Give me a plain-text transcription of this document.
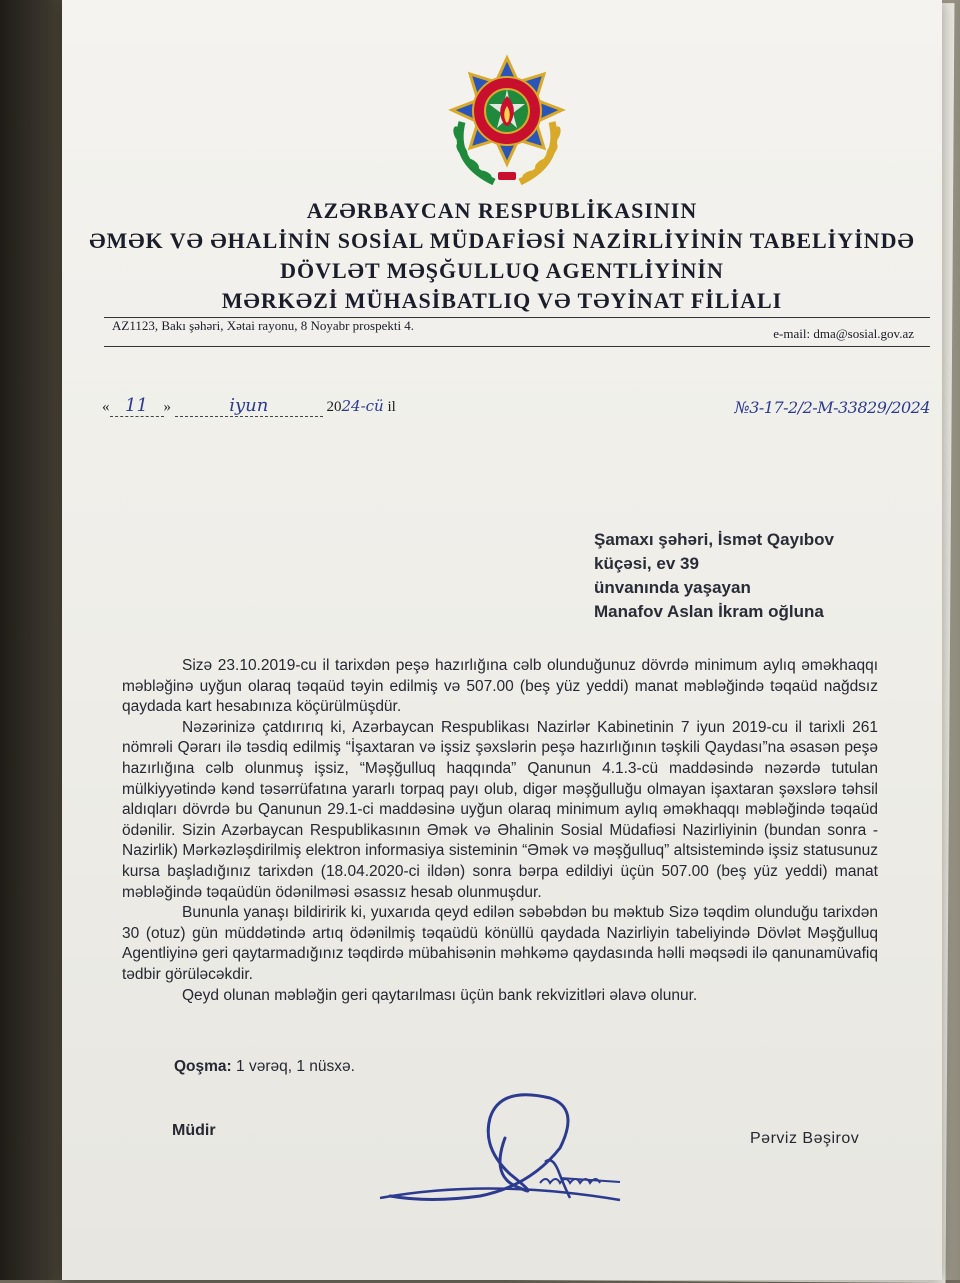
AZƏRBAYCAN RESPUBLİKASININ
ƏMƏK VƏ ƏHALİNİN SOSİAL MÜDAFİƏSİ NAZİRLİYİNİN TABELİYİNDƏ
DÖVLƏT MƏŞĞULLUQ AGENTLİYİNİN
MƏRKƏZİ MÜHASİBATLIQ VƏ TƏYİNAT FİLİALI
AZ1123, Bakı şəhəri, Xətai rayonu, 8 Noyabr prospekti 4.
e-mail: dma@sosial.gov.az
« 11 »	iyun	2024-cü il	№3-17-2/2-M-33829/2024
Şamaxı şəhəri, İsmət Qayıbov
küçəsi, ev 39
ünvanında yaşayan
Manafov Aslan İkram oğluna

Sizə 23.10.2019-cu il tarixdən peşə hazırlığına cəlb olunduğunuz dövrdə minimum aylıq əməkhaqqı məbləğinə uyğun olaraq təqaüd təyin edilmiş və 507.00 (beş yüz yeddi) manat məbləğində təqaüd nağdsız qaydada kart hesabınıza köçürülmüşdür.

Nəzərinizə çatdırırıq ki, Azərbaycan Respublikası Nazirlər Kabinetinin 7 iyun 2019-cu il tarixli 261 nömrəli Qərarı ilə təsdiq edilmiş “İşaxtaran və işsiz şəxslərin peşə hazırlığının təşkili Qaydası”na əsasən peşə hazırlığına cəlb olunmuş işsiz, “Məşğulluq haqqında” Qanunun 4.1.3-cü maddəsində nəzərdə tutulan mülkiyyətində kənd təsərrüfatına yararlı torpaq payı olub, digər məşğulluğu olmayan işaxtaran şəxslərə təhsil aldıqları dövrdə bu Qanunun 29.1-ci maddəsinə uyğun olaraq minimum aylıq əməkhaqqı məbləğində təqaüd ödənilir. Sizin Azərbaycan Respublikasının Əmək və Əhalinin Sosial Müdafiəsi Nazirliyinin (bundan sonra - Nazirlik) Mərkəzləşdirilmiş elektron informasiya sisteminin “Əmək və məşğulluq” altsistemində işsiz statusunuz kursa başladığınız tarixdən (18.04.2020-ci ildən) sonra bərpa edildiyi üçün 507.00 (beş yüz yeddi) manat məbləğində təqaüdün ödənilməsi əsassız hesab olunmuşdur.

Bununla yanaşı bildiririk ki, yuxarıda qeyd edilən səbəbdən bu məktub Sizə təqdim olunduğu tarixdən 30 (otuz) gün müddətində artıq ödənilmiş təqaüdü könüllü qaydada Nazirliyin tabeliyində Dövlət Məşğulluq Agentliyinə geri qaytarmadığınız təqdirdə mübahisənin məhkəmə qaydasında həlli məqsədi ilə qanunamüvafiq tədbir görüləcəkdir.

Qeyd olunan məbləğin geri qaytarılması üçün bank rekvizitləri əlavə olunur.

Qoşma: 1 vərəq, 1 nüsxə.
Müdir	Pərviz Bəşirov
